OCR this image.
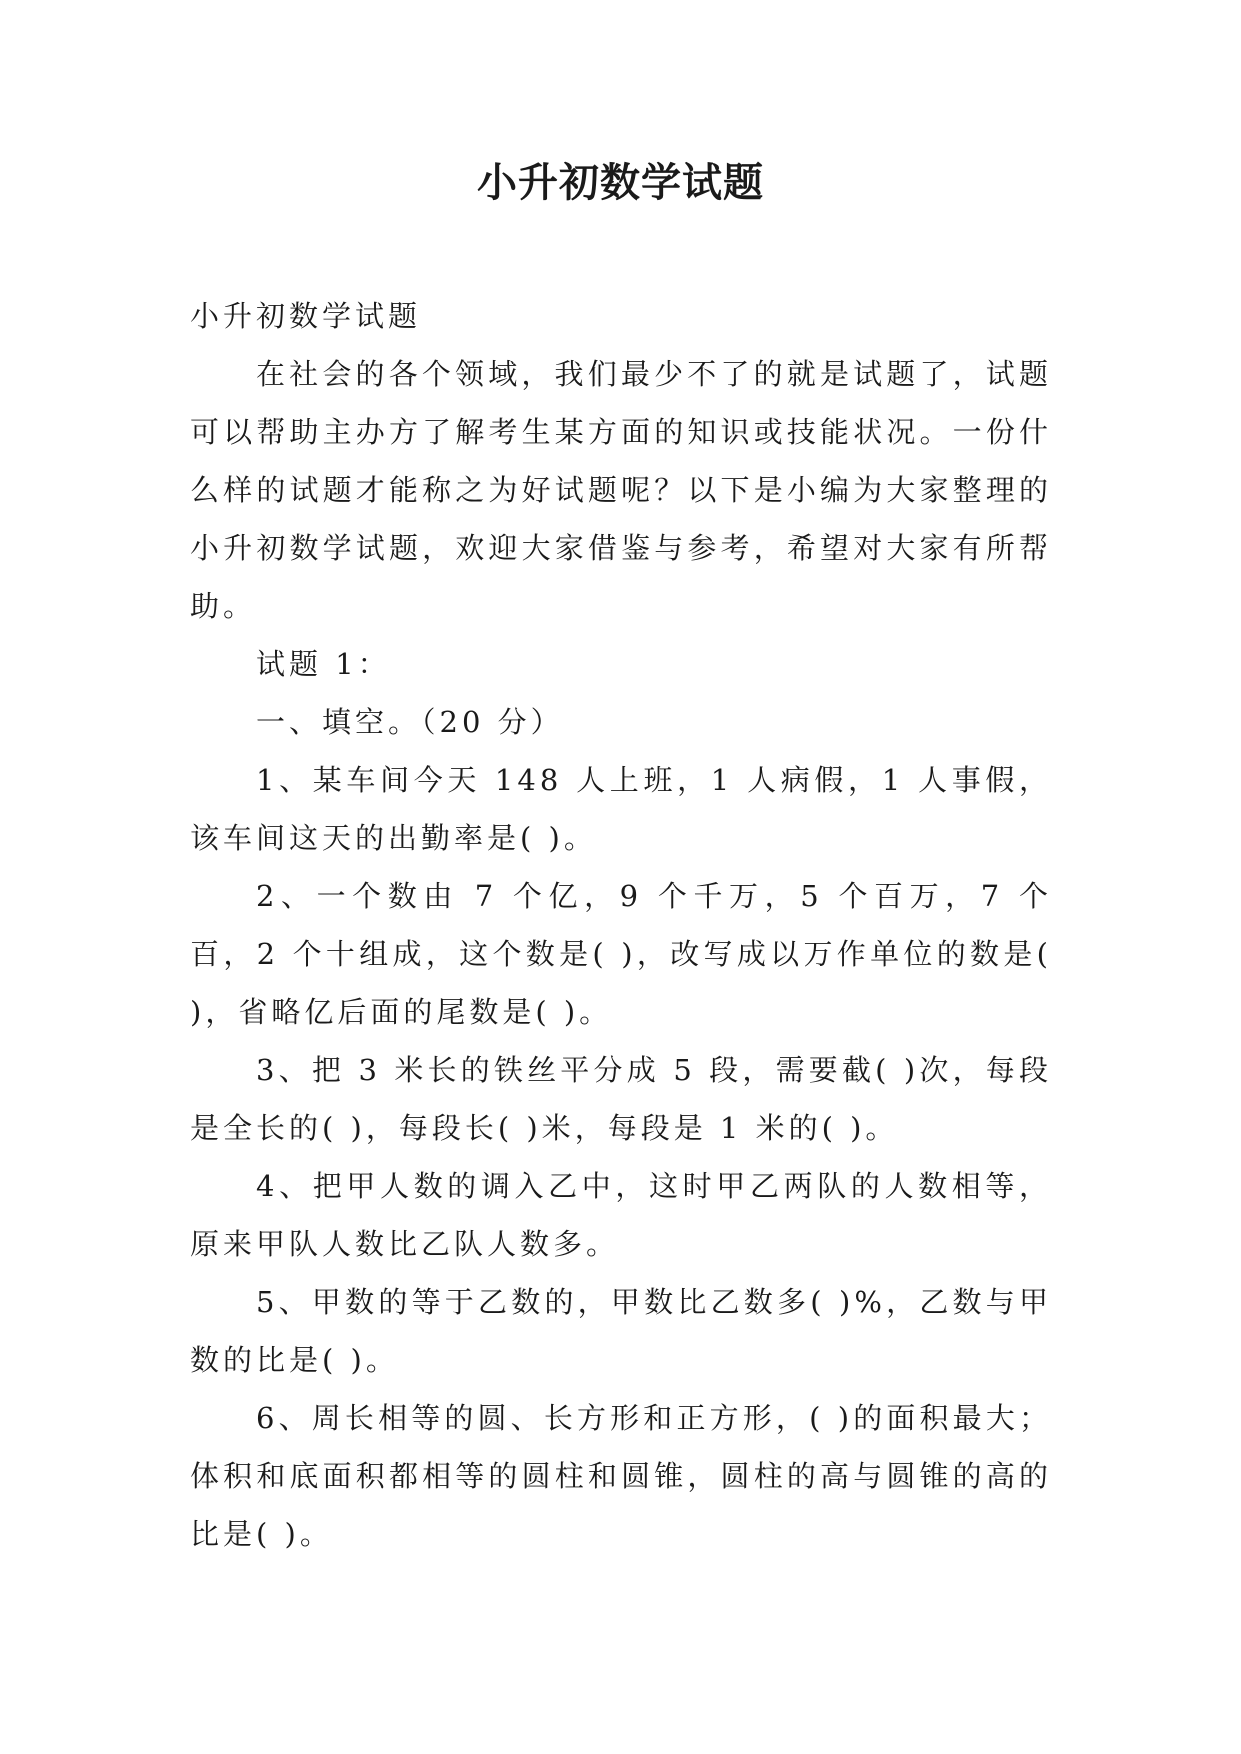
小升初数学试题

小升初数学试题

在社会的各个领域，我们最少不了的就是试题了，试题可以帮助主办方了解考生某方面的知识或技能状况。一份什么样的试题才能称之为好试题呢？以下是小编为大家整理的小升初数学试题，欢迎大家借鉴与参考，希望对大家有所帮助。

试题 1：

一、填空。（20 分）

1、某车间今天 148 人上班，1 人病假，1 人事假，该车间这天的出勤率是( )。

2、一个数由 7 个亿，9 个千万，5 个百万，7 个百，2 个十组成，这个数是( )，改写成以万作单位的数是( )，省略亿后面的尾数是( )。

3、把 3 米长的铁丝平分成 5 段，需要截( )次，每段是全长的( )，每段长( )米，每段是 1 米的( )。

4、把甲人数的调入乙中，这时甲乙两队的人数相等，原来甲队人数比乙队人数多。

5、甲数的等于乙数的，甲数比乙数多( )%，乙数与甲数的比是( )。

6、周长相等的圆、长方形和正方形，( )的面积最大；体积和底面积都相等的圆柱和圆锥，圆柱的高与圆锥的高的比是( )。
